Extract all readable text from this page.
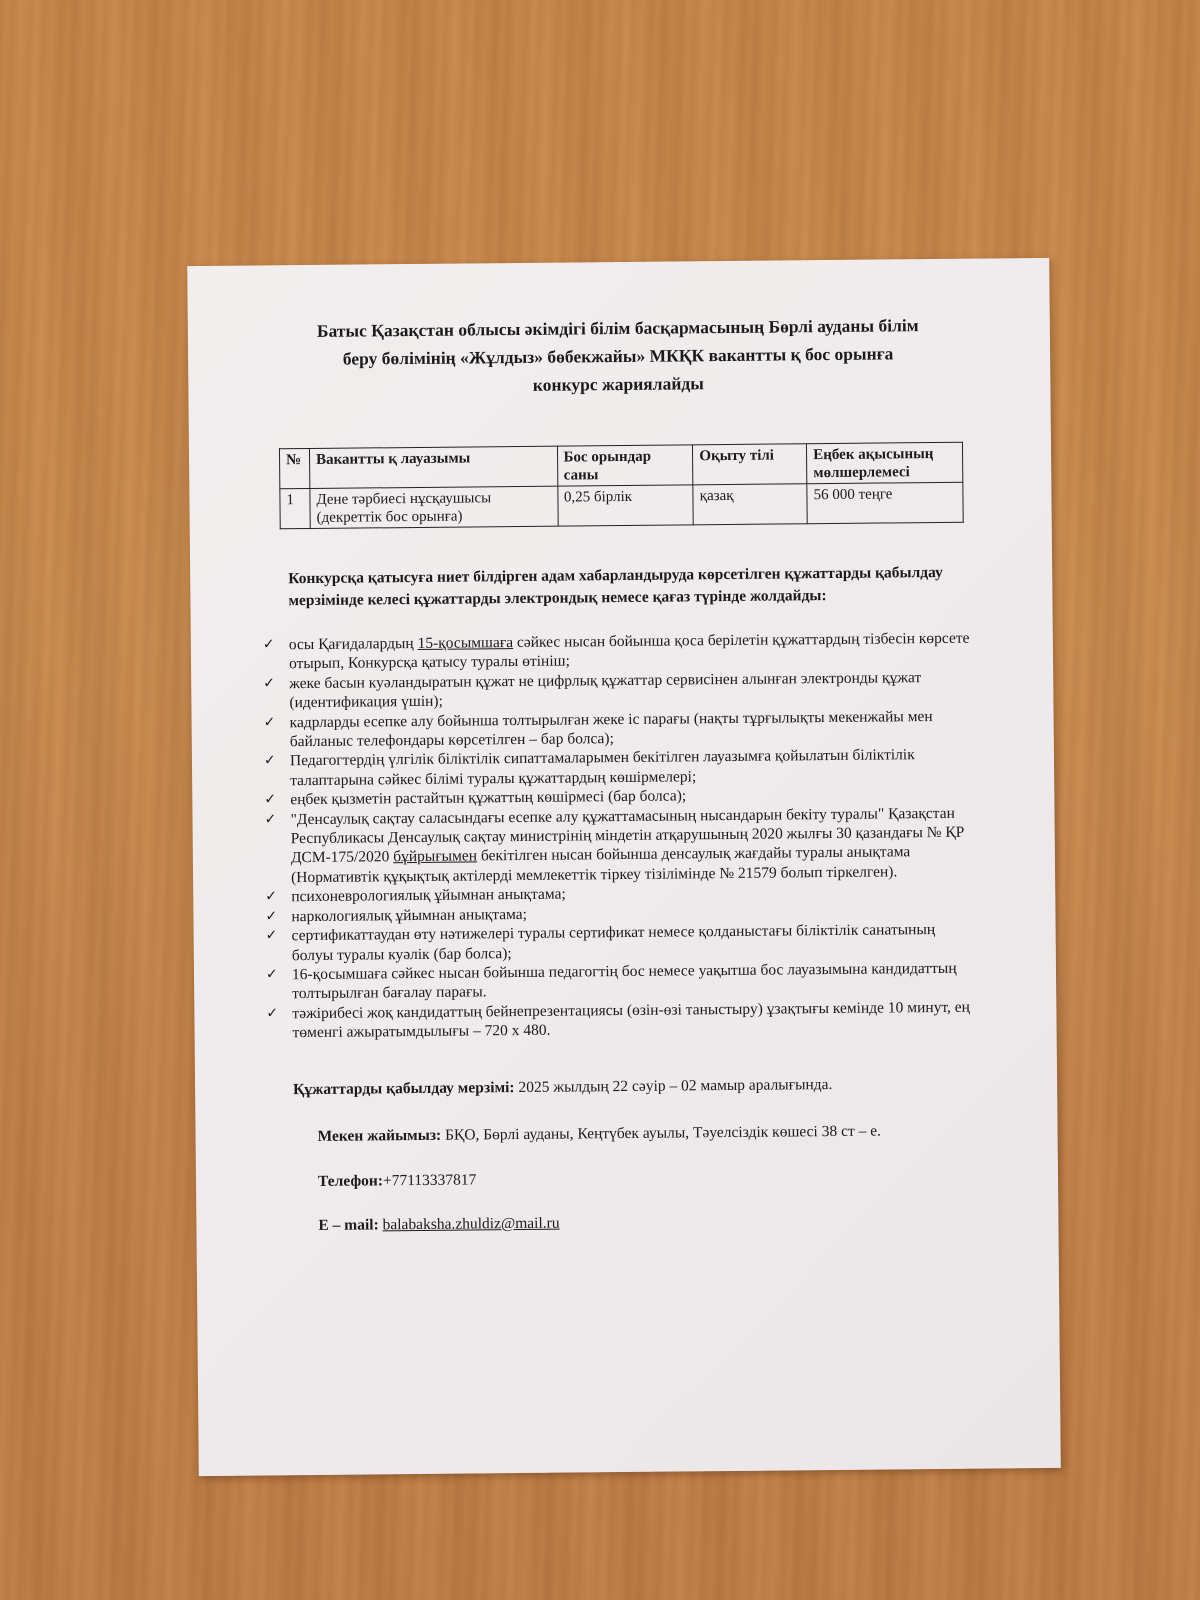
Батыс Қазақстан облысы әкімдігі білім басқармасының Бөрлі ауданы білім
беру бөлімінің «Жұлдыз» бөбекжайы» МКҚК вакантты қ бос орынға
конкурс жариялайды
№	Вакантты қ лауазымы	Бос орындар саны	Оқыту тілі	Еңбек ақысының мөлшерлемесі
1	Дене тәрбиесі нұсқаушысы (декреттік бос орынға)	0,25 бірлік	қазақ	56 000 теңге
Конкурсқа қатысуға ниет білдірген адам хабарландыруда көрсетілген құжаттарды қабылдау мерзімінде келесі құжаттарды электрондық немесе қағаз түрінде жолдайды:
✓ осы Қағидалардың 15-қосымшаға сәйкес нысан бойынша қоса берілетін құжаттардың тізбесін көрсете отырып, Конкурсқа қатысу туралы өтініш;
✓ жеке басын куәландыратын құжат не цифрлық құжаттар сервисінен алынған электронды құжат (идентификация үшін);
✓ кадрларды есепке алу бойынша толтырылған жеке іс парағы (нақты тұрғылықты мекенжайы мен байланыс телефондары көрсетілген – бар болса);
✓ Педагогтердің үлгілік біліктілік сипаттамаларымен бекітілген лауазымға қойылатын біліктілік талаптарына сәйкес білімі туралы құжаттардың көшірмелері;
✓ еңбек қызметін растайтын құжаттың көшірмесі (бар болса);
✓ "Денсаулық сақтау саласындағы есепке алу құжаттамасының нысандарын бекіту туралы" Қазақстан Республикасы Денсаулық сақтау министрінің міндетін атқарушының 2020 жылғы 30 қазандағы № ҚР ДСМ-175/2020 бұйрығымен бекітілген нысан бойынша денсаулық жағдайы туралы анықтама (Нормативтік құқықтық актілерді мемлекеттік тіркеу тізілімінде № 21579 болып тіркелген).
✓ психоневрологиялық ұйымнан анықтама;
✓ наркологиялық ұйымнан анықтама;
✓ сертификаттаудан өту нәтижелері туралы сертификат немесе қолданыстағы біліктілік санатының болуы туралы куәлік (бар болса);
✓ 16-қосымшаға сәйкес нысан бойынша педагогтің бос немесе уақытша бос лауазымына кандидаттың толтырылған бағалау парағы.
✓ тәжірибесі жоқ кандидаттың бейнепрезентациясы (өзін-өзі таныстыру) ұзақтығы кемінде 10 минут, ең төменгі ажыратымдылығы – 720 х 480.
Құжаттарды қабылдау мерзімі: 2025 жылдың 22 сәуір – 02 мамыр аралығында.
Мекен жайымыз: БҚО, Бөрлі ауданы, Кеңтүбек ауылы, Тәуелсіздік көшесі 38 ст – е.
Телефон:+77113337817
E – mail: balabaksha.zhuldiz@mail.ru
